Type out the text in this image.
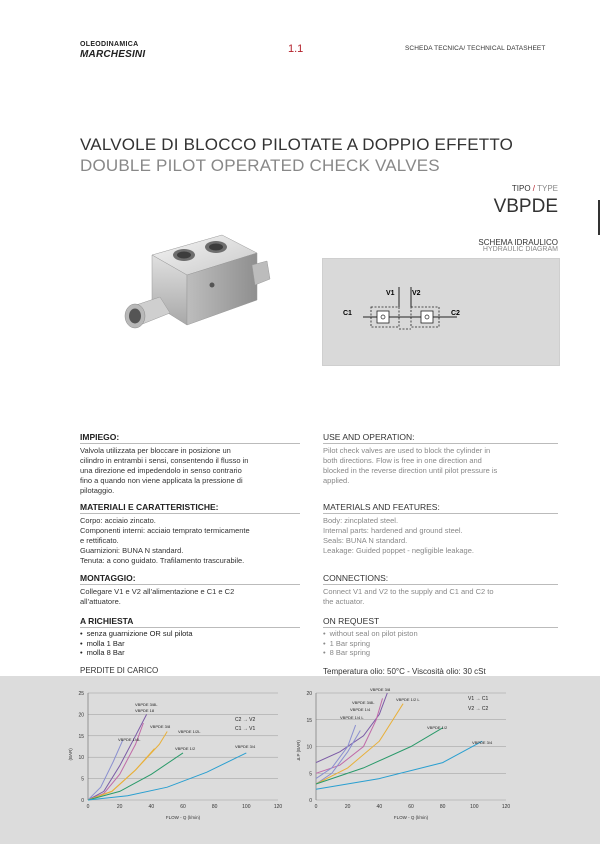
OLEODINAMICA
MARCHESINI	1.1	SCHEDA TECNICA/ TECHNICAL DATASHEET
VALVOLE DI BLOCCO PILOTATE A DOPPIO EFFETTO
DOUBLE PILOT OPERATED CHECK VALVES
TIPO / TYPE
VBPDE
SCHEMA IDRAULICO
HYDRAULIC DIAGRAM
V1 V2
C1	C2
IMPIEGO:
Valvola utilizzata per bloccare in posizione un
cilindro in entrambi i sensi, consentendo il flusso in
una direzione ed impedendolo in senso contrario
fino a quando non viene applicata la pressione di
pilotaggio.
MATERIALI E CARATTERISTICHE:
Corpo: acciaio zincato.
Componenti interni: acciaio temprato termicamente
e rettificato.
Guarnizioni: BUNA N standard.
Tenuta: a cono guidato. Trafilamento trascurabile.
MONTAGGIO:
Collegare V1 e V2 all’alimentazione e C1 e C2
all’attuatore.
A RICHIESTA
• senza guarnizione OR sul pilota
• molla 1 Bar
• molla 8 Bar
PERDITE DI CARICO
USE AND OPERATION:
Pilot check valves are used to block the cylinder in
both directions. Flow is free in one direction and
blocked in the reverse direction until pilot pressure is
applied.
MATERIALS AND FEATURES:
Body: zincplated steel.
Internal parts: hardened and ground steel.
Seals: BUNA N standard.
Leakage: Guided poppet - negligible leakage.
CONNECTIONS:
Connect V1 and V2 to the supply and C1 and C2 to
the actuator.
ON REQUEST
• without seal on pilot piston
• 1 Bar spring
• 8 Bar spring
Temperatura olio: 50°C - Viscosità olio: 30 cSt
0
5
10
15
20
25
0	20	40	60	80	100	120
FLOW - Q (l/min)
(BAR)
VBPDE 3/8L
VBPDE 18
VBPDE 1/4L
VBPDE 3/8
VBPDE 1/2L
VBPDE 1/2	VBPDE 3/4
C2 → V2
C1 → V1
0
5
10
15
20
0	20	40	60	80	100	120
FLOW - Q (l/min)
Δ P (BAR)
VBPDE 3/8
VBPDE 3/8L
VBPDE 1/4
VBPDE 1/4 L
VBPDE 1/2 L
VBPDE 1/2
VBPDE 3/4
V1 → C1
V2 → C2
